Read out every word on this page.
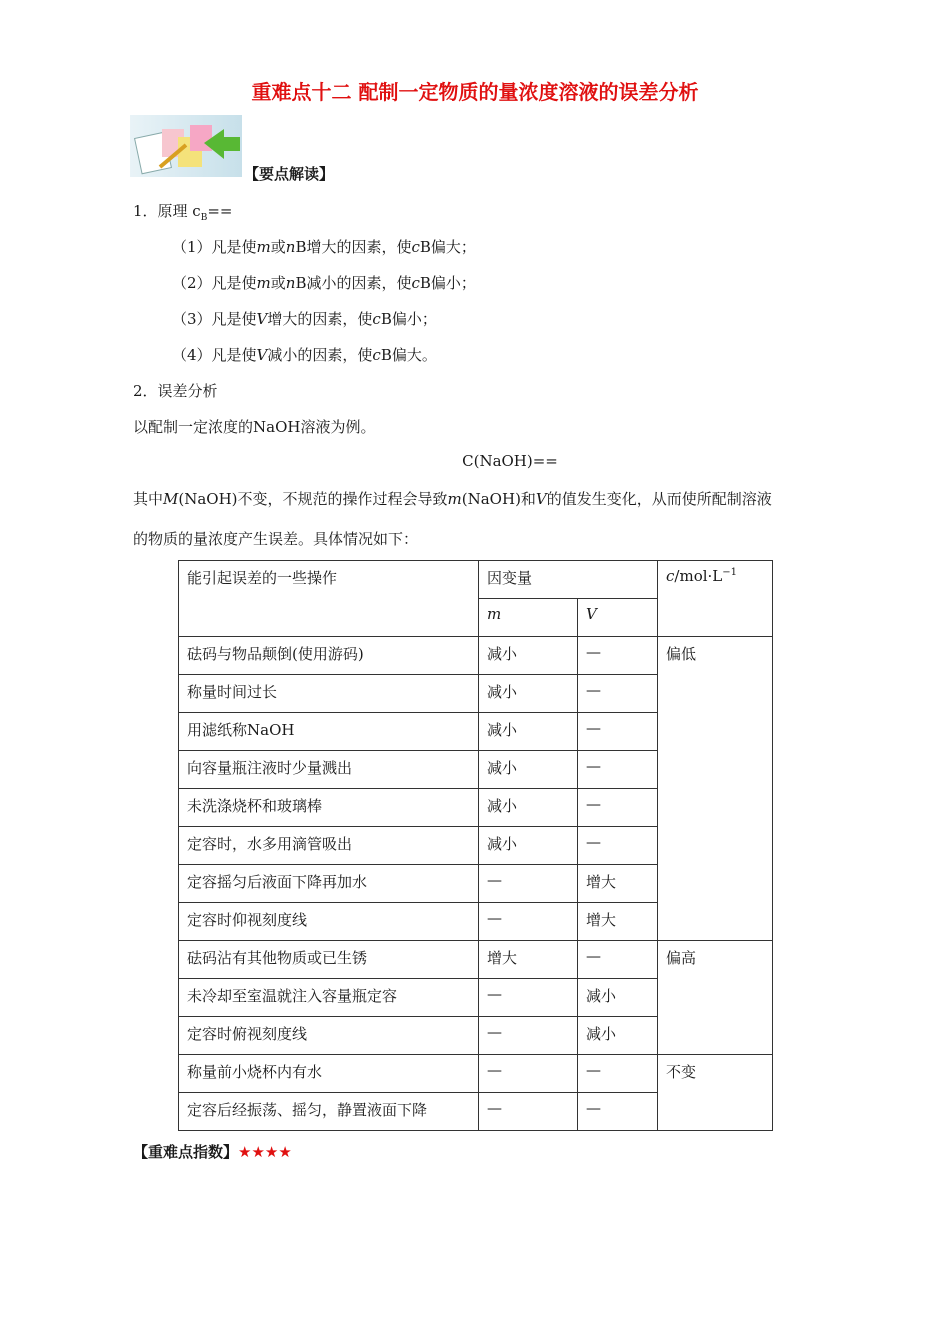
重难点十二 配制一定物质的量浓度溶液的误差分析
【要点解读】
1．原理 $c_B==$
（1）凡是使m或nB增大的因素，使cB偏大；
（2）凡是使m或nB减小的因素，使cB偏小；
（3）凡是使V增大的因素，使cB偏小；
（4）凡是使V减小的因素，使cB偏大。
2．误差分析
以配制一定浓度的NaOH溶液为例。
C(NaOH)==
其中M(NaOH)不变，不规范的操作过程会导致m(NaOH)和V的值发生变化，从而使所配制溶液
的物质的量浓度产生误差。具体情况如下：
能引起误差的一些操作	因变量		$c/mol\cdot L^{-1}$
	m	V	
砝码与物品颠倒(使用游码)	减小	—	偏低
称量时间过长	减小	—	
用滤纸称NaOH	减小	—	
向容量瓶注液时少量溅出	减小	—	
未洗涤烧杯和玻璃棒	减小	—	
定容时，水多用滴管吸出	减小	—	
定容摇匀后液面下降再加水	—	增大	
定容时仰视刻度线	—	增大	
砝码沾有其他物质或已生锈	增大	—	偏高
未冷却至室温就注入容量瓶定容	—	减小	
定容时俯视刻度线	—	减小	
称量前小烧杯内有水	—	—	不变
定容后经振荡、摇匀，静置液面下降	—	—	
【重难点指数】★★★★
